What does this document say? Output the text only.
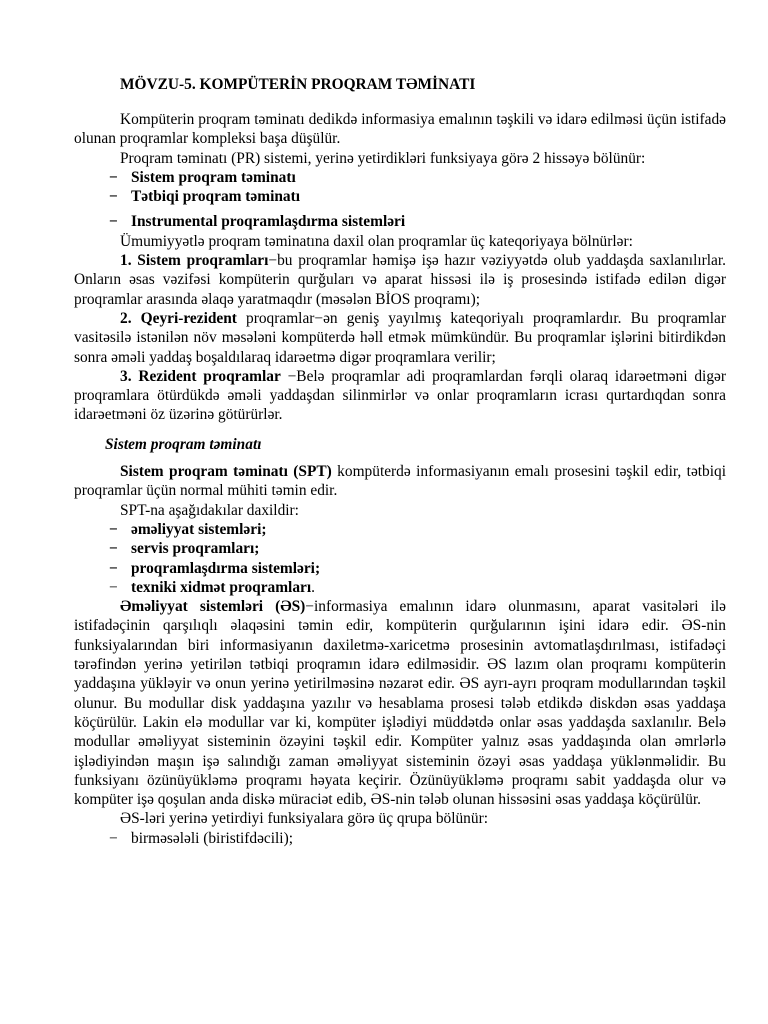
MÖVZU-5. KOMPÜTERİN PROQRAM TƏMİNATI

Kompüterin proqram təminatı dedikdə informasiya emalının təşkili və idarə edilməsi üçün istifadə olunan proqramlar kompleksi başa düşülür.

Proqram təminatı (PR) sistemi, yerinə yetirdikləri funksiyaya görə 2 hissəyə bölünür:

− Sistem proqram təminatı
− Tətbiqi proqram təminatı
− Instrumental proqramlaşdırma sistemləri

Ümumiyyətlə proqram təminatına daxil olan proqramlar üç kateqoriyaya bölnürlər:

1. Sistem proqramları−bu proqramlar həmişə işə hazır vəziyyətdə olub yaddaşda saxlanılırlar. Onların əsas vəzifəsi kompüterin qurğuları və aparat hissəsi ilə iş prosesində istifadə edilən digər proqramlar arasında əlaqə yaratmaqdır (məsələn BİOS proqramı);

2. Qeyri-rezident proqramlar−ən geniş yayılmış kateqoriyalı proqramlardır. Bu proqramlar vasitəsilə istənilən növ məsələni kompüterdə həll etmək mümkündür. Bu proqramlar işlərini bitirdikdən sonra əməli yaddaş boşaldılaraq idarəetmə digər proqramlara verilir;

3. Rezident proqramlar −Belə proqramlar adi proqramlardan fərqli olaraq idarəetməni digər proqramlara ötürdükdə əməli yaddaşdan silinmirlər və onlar proqramların icrası qurtardıqdan sonra idarəetməni öz üzərinə götürürlər.

Sistem proqram təminatı

Sistem proqram təminatı (SPT) kompüterdə informasiyanın emalı prosesini təşkil edir, tətbiqi proqramlar üçün normal mühiti təmin edir.

SPT-na aşağıdakılar daxildir:

− əməliyyat sistemləri;
− servis proqramları;
− proqramlaşdırma sistemləri;
− texniki xidmət proqramları.

Əməliyyat sistemləri (ƏS)−informasiya emalının idarə olunmasını, aparat vasitələri ilə istifadəçinin qarşılıqlı əlaqəsini təmin edir, kompüterin qurğularının işini idarə edir. ƏS-nin funksiyalarından biri informasiyanın daxiletmə-xaricetmə prosesinin avtomatlaşdırılması, istifadəçi tərəfindən yerinə yetirilən tətbiqi proqramın idarə edilməsidir. ƏS lazım olan proqramı kompüterin yaddaşına yükləyir və onun yerinə yetirilməsinə nəzarət edir. ƏS ayrı-ayrı proqram modullarından təşkil olunur. Bu modullar disk yaddaşına yazılır və hesablama prosesi tələb etdikdə diskdən əsas yaddaşa köçürülür. Lakin elə modullar var ki, kompüter işlədiyi müddətdə onlar əsas yaddaşda saxlanılır. Belə modullar əməliyyat sisteminin özəyini təşkil edir. Kompüter yalnız əsas yaddaşında olan əmrlərlə işlədiyindən maşın işə salındığı zaman əməliyyat sisteminin özəyi əsas yaddaşa yüklənməlidir. Bu funksiyanı özünüyükləmə proqramı həyata keçirir. Özünüyükləmə proqramı sabit yaddaşda olur və kompüter işə qoşulan anda diskə müraciət edib, ƏS-nin tələb olunan hissəsini əsas yaddaşa köçürülür.

ƏS-ləri yerinə yetirdiyi funksiyalara görə üç qrupa bölünür:

− birməsələli (biristifdəcili);
